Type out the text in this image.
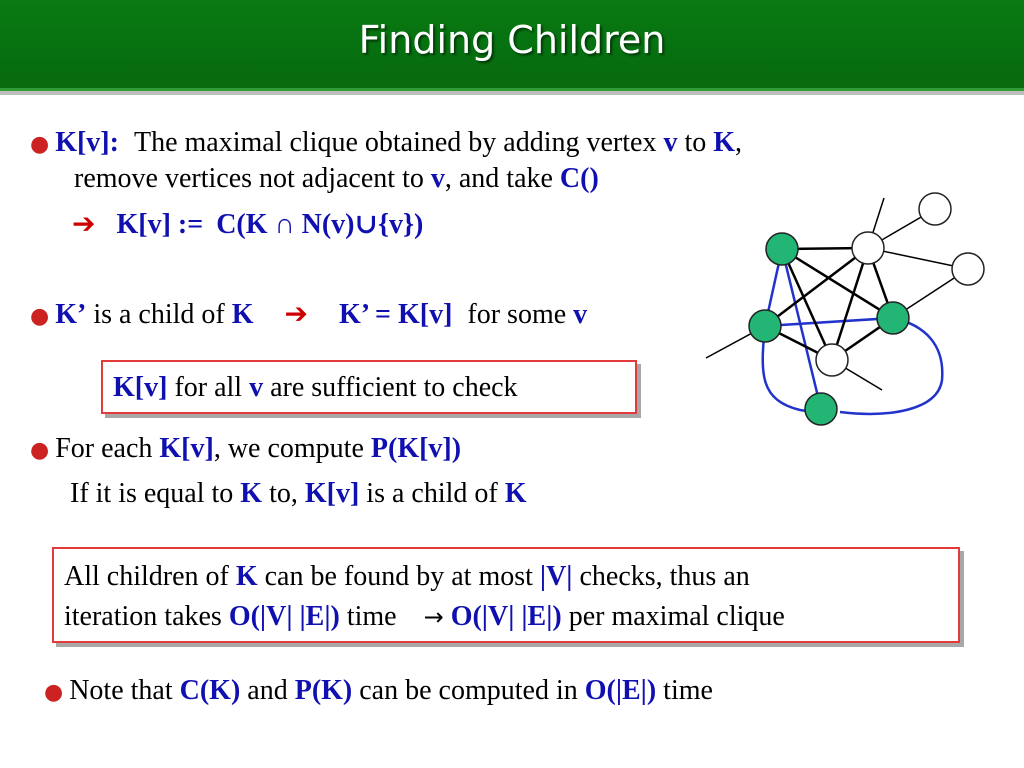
Finding Children
● K[v]: The maximal clique obtained by adding vertex v to K,
remove vertices not adjacent to v, and take C()
➔ K[v] := C(K ∩ N(v)∪{v})
● K’ is a child of K ➔ K’ = K[v] for some v
K[v] for all v are sufficient to check
● For each K[v], we compute P(K[v])
If it is equal to K to, K[v] is a child of K
All children of K can be found by at most |V| checks, thus an
iteration takes O(|V| |E|) time → O(|V| |E|) per maximal clique
● Note that C(K) and P(K) can be computed in O(|E|) time
